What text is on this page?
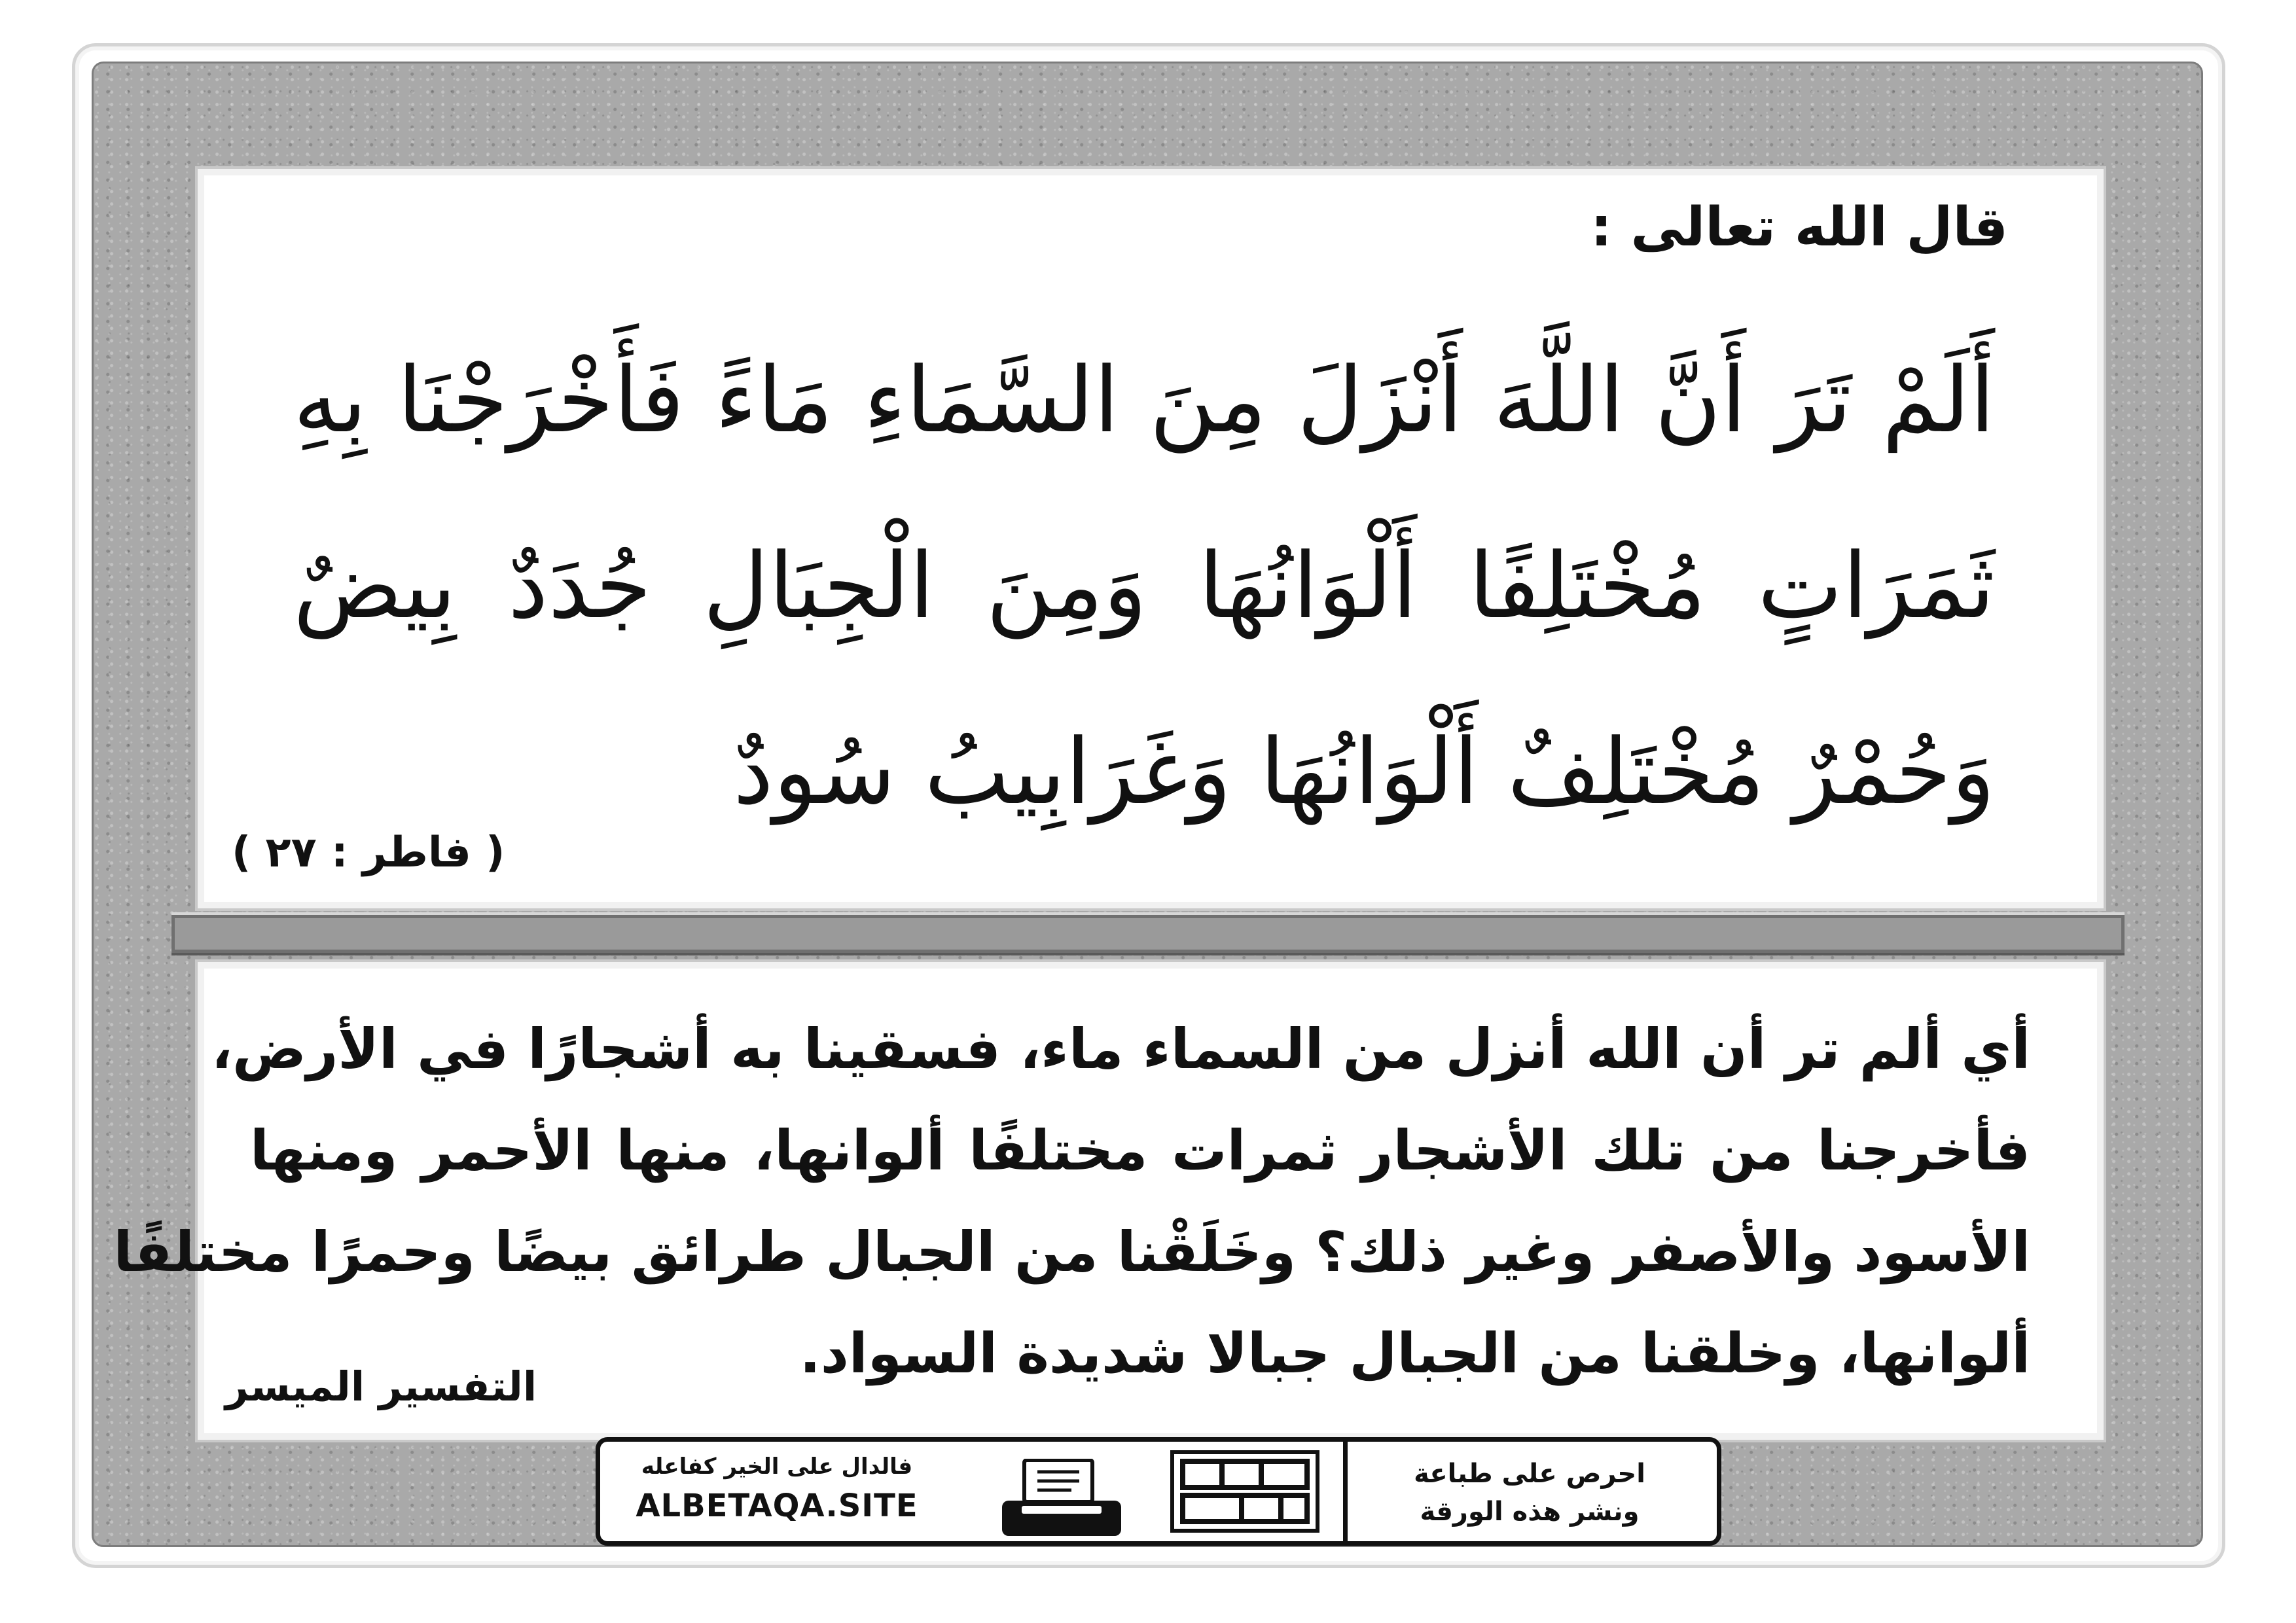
قال الله تعالى :
أَلَمْ تَرَ أَنَّ اللَّهَ أَنْزَلَ مِنَ السَّمَاءِ مَاءً فَأَخْرَجْنَا بِهِ
ثَمَرَاتٍ مُخْتَلِفًا أَلْوَانُهَا وَمِنَ الْجِبَالِ جُدَدٌ بِيضٌ
وَحُمْرٌ مُخْتَلِفٌ أَلْوَانُهَا وَغَرَابِيبُ سُودٌ
( فاطر : ٢٧ )
أي ألم تر أن الله أنزل من السماء ماء، فسقينا به أشجارًا في الأرض،
فأخرجنا من تلك الأشجار ثمرات مختلفًا ألوانها، منها الأحمر ومنها
الأسود والأصفر وغير ذلك؟ وخَلَقْنا من الجبال طرائق بيضًا وحمرًا مختلفًا
ألوانها، وخلقنا من الجبال جبالا شديدة السواد.
التفسير الميسر
فالدال على الخير كفاعله
ALBETAQA.SITE
احرص على طباعة
ونشر هذه الورقة
